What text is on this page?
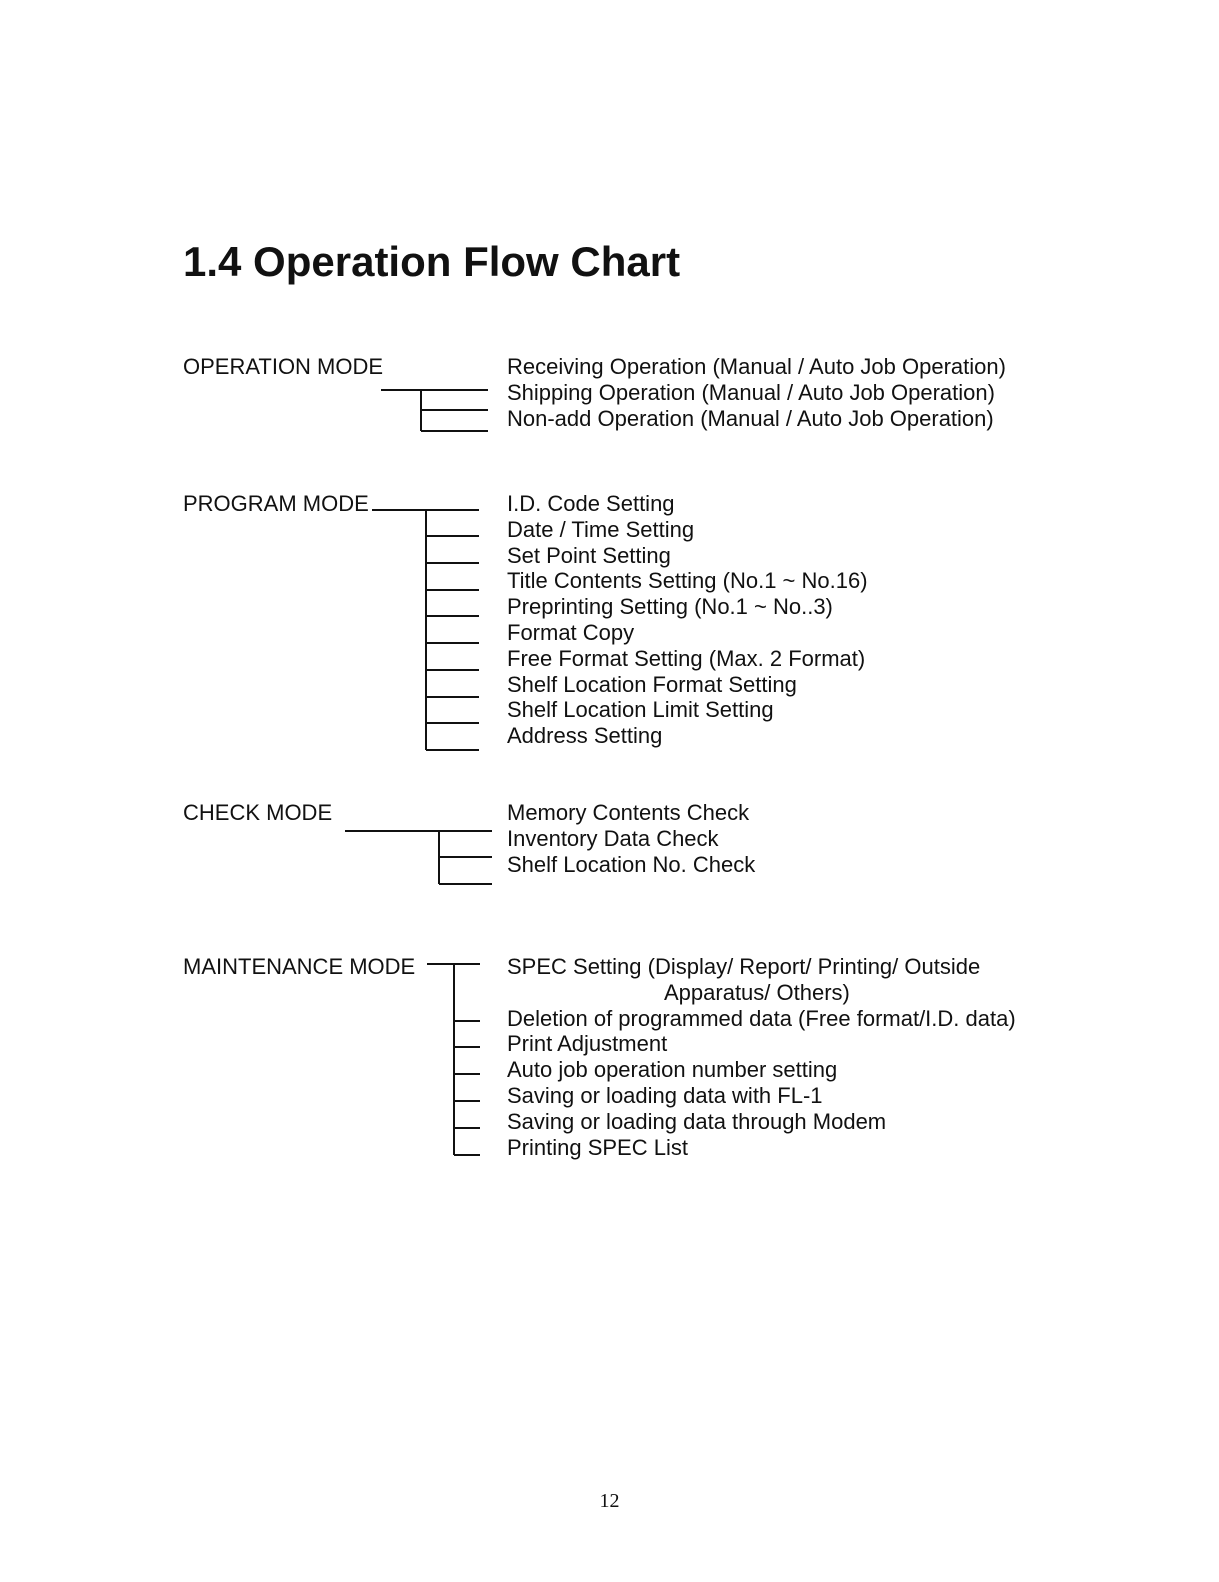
1.4 Operation Flow Chart
OPERATION MODE	Receiving Operation (Manual / Auto Job Operation)
Shipping Operation (Manual / Auto Job Operation)
Non-add Operation (Manual / Auto Job Operation)
PROGRAM MODE	I.D. Code Setting
Date / Time Setting
Set Point Setting
Title Contents Setting (No.1 ~ No.16)
Preprinting Setting (No.1 ~ No..3)
Format Copy
Free Format Setting (Max. 2 Format)
Shelf Location Format Setting
Shelf Location Limit Setting
Address Setting
CHECK MODE	Memory Contents Check
Inventory Data Check
Shelf Location No. Check
MAINTENANCE MODE	SPEC Setting (Display/ Report/ Printing/ Outside
Apparatus/ Others)
Deletion of programmed data (Free format/I.D. data)
Print Adjustment
Auto job operation number setting
Saving or loading data with FL-1
Saving or loading data through Modem
Printing SPEC List
12
